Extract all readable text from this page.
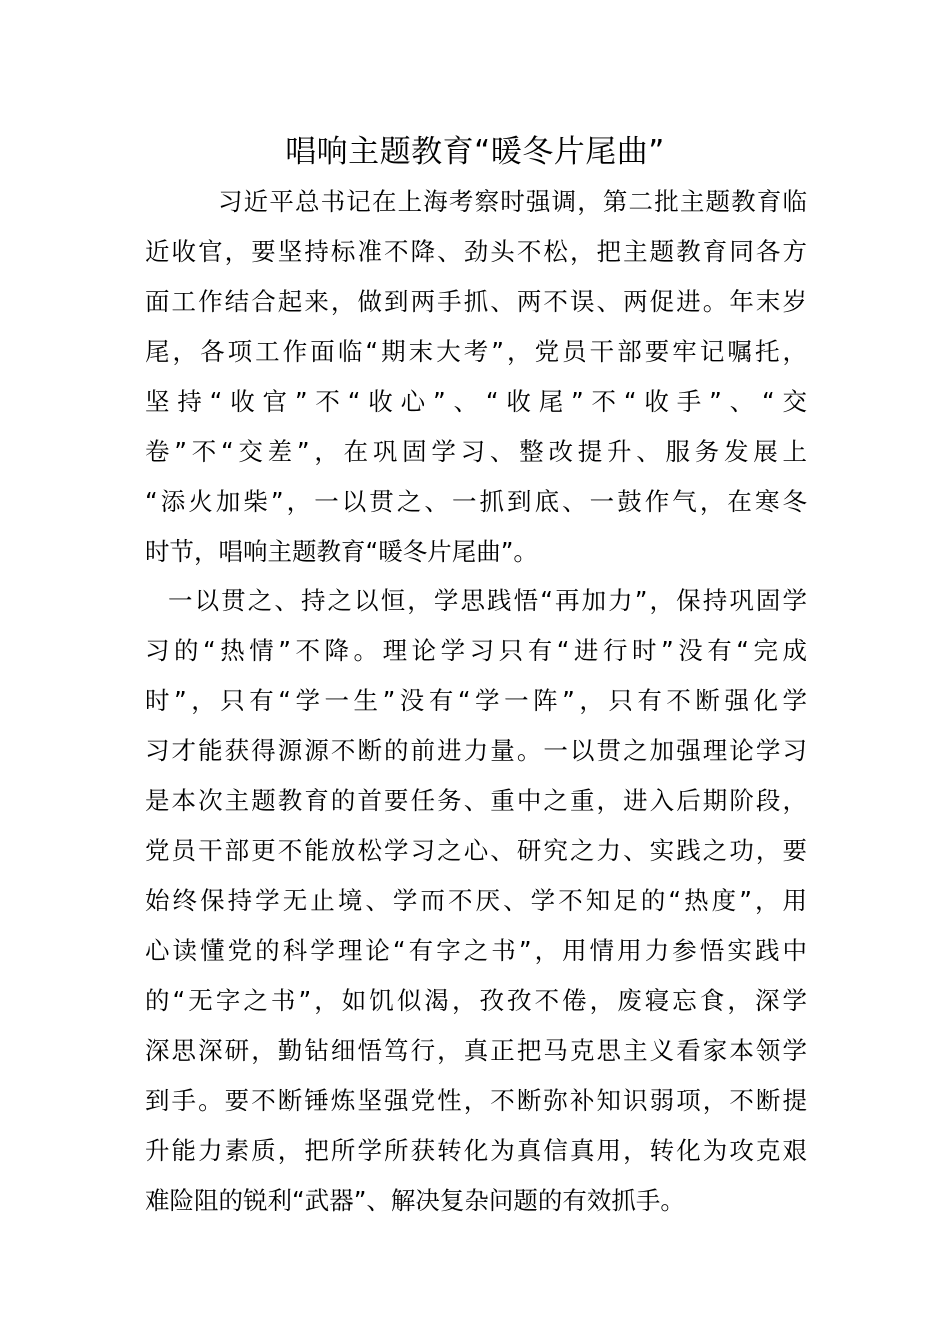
唱响主题教育“暖冬片尾曲”

习近平总书记在上海考察时强调，第二批主题教育临

近收官，要坚持标准不降、劲头不松，把主题教育同各方

面工作结合起来，做到两手抓、两不误、两促进。年末岁

尾，各项工作面临“期末大考”，党员干部要牢记嘱托，

坚持“收官”不“收心”、“收尾”不“收手”、“交

卷”不“交差”，在巩固学习、整改提升、服务发展上

“添火加柴”，一以贯之、一抓到底、一鼓作气，在寒冬

时节，唱响主题教育“暖冬片尾曲”。

一以贯之、持之以恒，学思践悟“再加力”，保持巩固学

习的“热情”不降。理论学习只有“进行时”没有“完成

时”，只有“学一生”没有“学一阵”，只有不断强化学

习才能获得源源不断的前进力量。一以贯之加强理论学习

是本次主题教育的首要任务、重中之重，进入后期阶段，

党员干部更不能放松学习之心、研究之力、实践之功，要

始终保持学无止境、学而不厌、学不知足的“热度”，用

心读懂党的科学理论“有字之书”，用情用力参悟实践中

的“无字之书”，如饥似渴，孜孜不倦，废寝忘食，深学

深思深研，勤钻细悟笃行，真正把马克思主义看家本领学

到手。要不断锤炼坚强党性，不断弥补知识弱项，不断提

升能力素质，把所学所获转化为真信真用，转化为攻克艰

难险阻的锐利“武器”、解决复杂问题的有效抓手。
